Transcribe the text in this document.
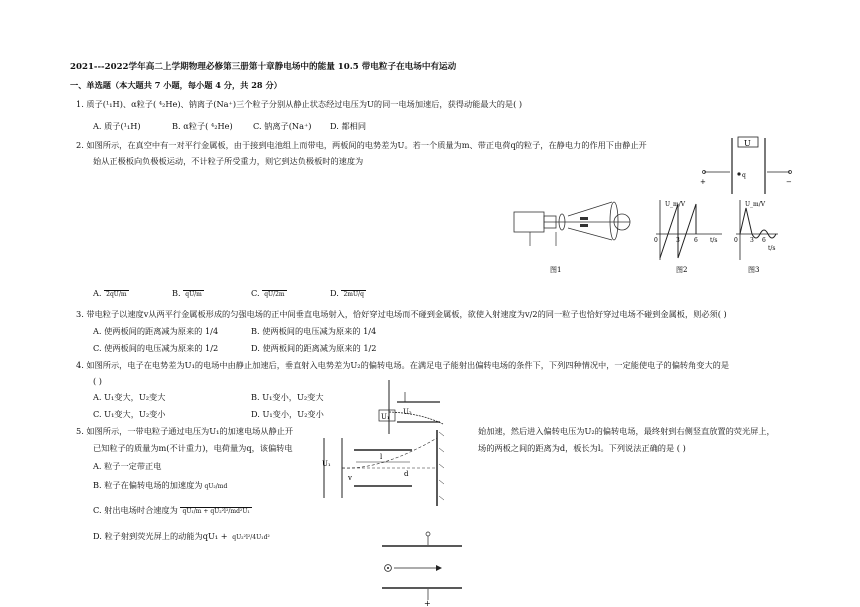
2021---2022学年高二上学期物理必修第三册第十章静电场中的能量 10.5 带电粒子在电场中有运动
一、单选题（本大题共 7 小题，每小题 4 分，共 28 分）
1. 质子(¹₁H)、α粒子( ⁴₂He)、钠离子(Na⁺)三个粒子分别从静止状态经过电压为U的同一电场加速后，获得动能最大的是( )
A. 质子(¹₁H)	B. α粒子( ⁴₂He) C. 钠离子(Na⁺) D. 都相同
2. 如图所示，在真空中有一对平行金属板，由于接到电池组上而带电，两板间的电势差为U。若一个质量为m、带正电荷q的粒子，在静电力的作用下由静止开
始从正极板向负极板运动，不计粒子所受重力，则它到达负极板时的速度为
U
+	−
q
图1
U_m/V
0	3 6 t/s
图2
U_m/V
0 3 6
t/s
图3
A. 2qU/m	B. qU/m	C. qU/2m	D. 2mU/q
3. 带电粒子以速度v从两平行金属板形成的匀强电场的正中间垂直电场射入，恰好穿过电场而不碰到金属板，欲使入射速度为v/2的同一粒子也恰好穿过电场不碰到金属板，则必须( )
A. 使两板间的距离减为原来的 1/4	B. 使两板间的电压减为原来的 1/4
C. 使两板间的电压减为原来的 1/2	D. 使两板间的距离减为原来的 1/2
4. 如图所示，电子在电势差为U₁的电场中由静止加速后，垂直射入电势差为U₂的偏转电场。在满足电子能射出偏转电场的条件下，下列四种情况中，一定能使电子的偏转角变大的是
( )
A. U₁变大，U₂变大	B. U₁变小，U₂变大
C. U₁变大，U₂变小	D. U₁变小，U₂变小	U₁
U₂
5. 如图所示，一带电粒子通过电压为U₁的加速电场从静止开	始加速，然后进入偏转电压为U₂的偏转电场，最终射到右侧竖直放置的荧光屏上，
已知粒子的质量为m(不计重力)，电荷量为q，该偏转电	场的两板之间的距离为d，板长为l。下列说法正确的是 ( )
A. 粒子一定带正电
B. 粒子在偏转电场的加速度为 qU₂/md
C. 射出电场时合速度为 qU₁/m + qU₂²l²/md²U₁
D. 粒子射到荧光屏上的动能为qU₁ + qU₂²l²/4U₁d²
U₁
l
v	d
+
